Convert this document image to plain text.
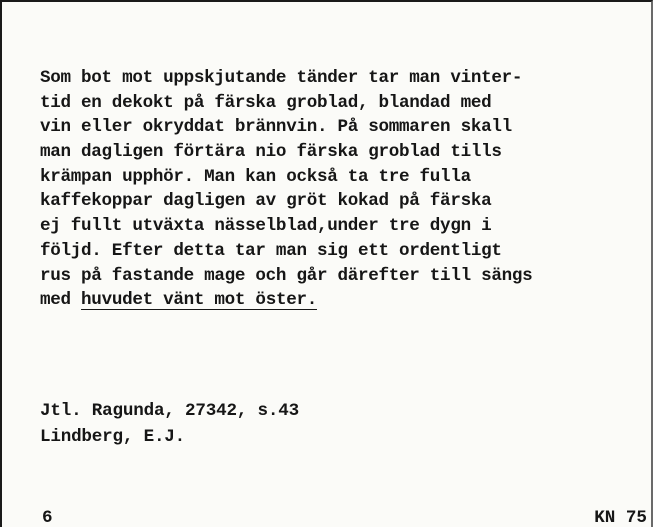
Som bot mot uppskjutande tänder tar man vinter-
tid en dekokt på färska groblad, blandad med
vin eller okryddat brännvin. På sommaren skall
man dagligen förtära nio färska groblad tills
krämpan upphör. Man kan också ta tre fulla
kaffekoppar dagligen av gröt kokad på färska
ej fullt utväxta nässelblad,under tre dygn i
följd. Efter detta tar man sig ett ordentligt
rus på fastande mage och går därefter till sängs
med huvudet vänt mot öster.
Jtl. Ragunda, 27342, s.43
Lindberg, E.J.
6	KN 75
